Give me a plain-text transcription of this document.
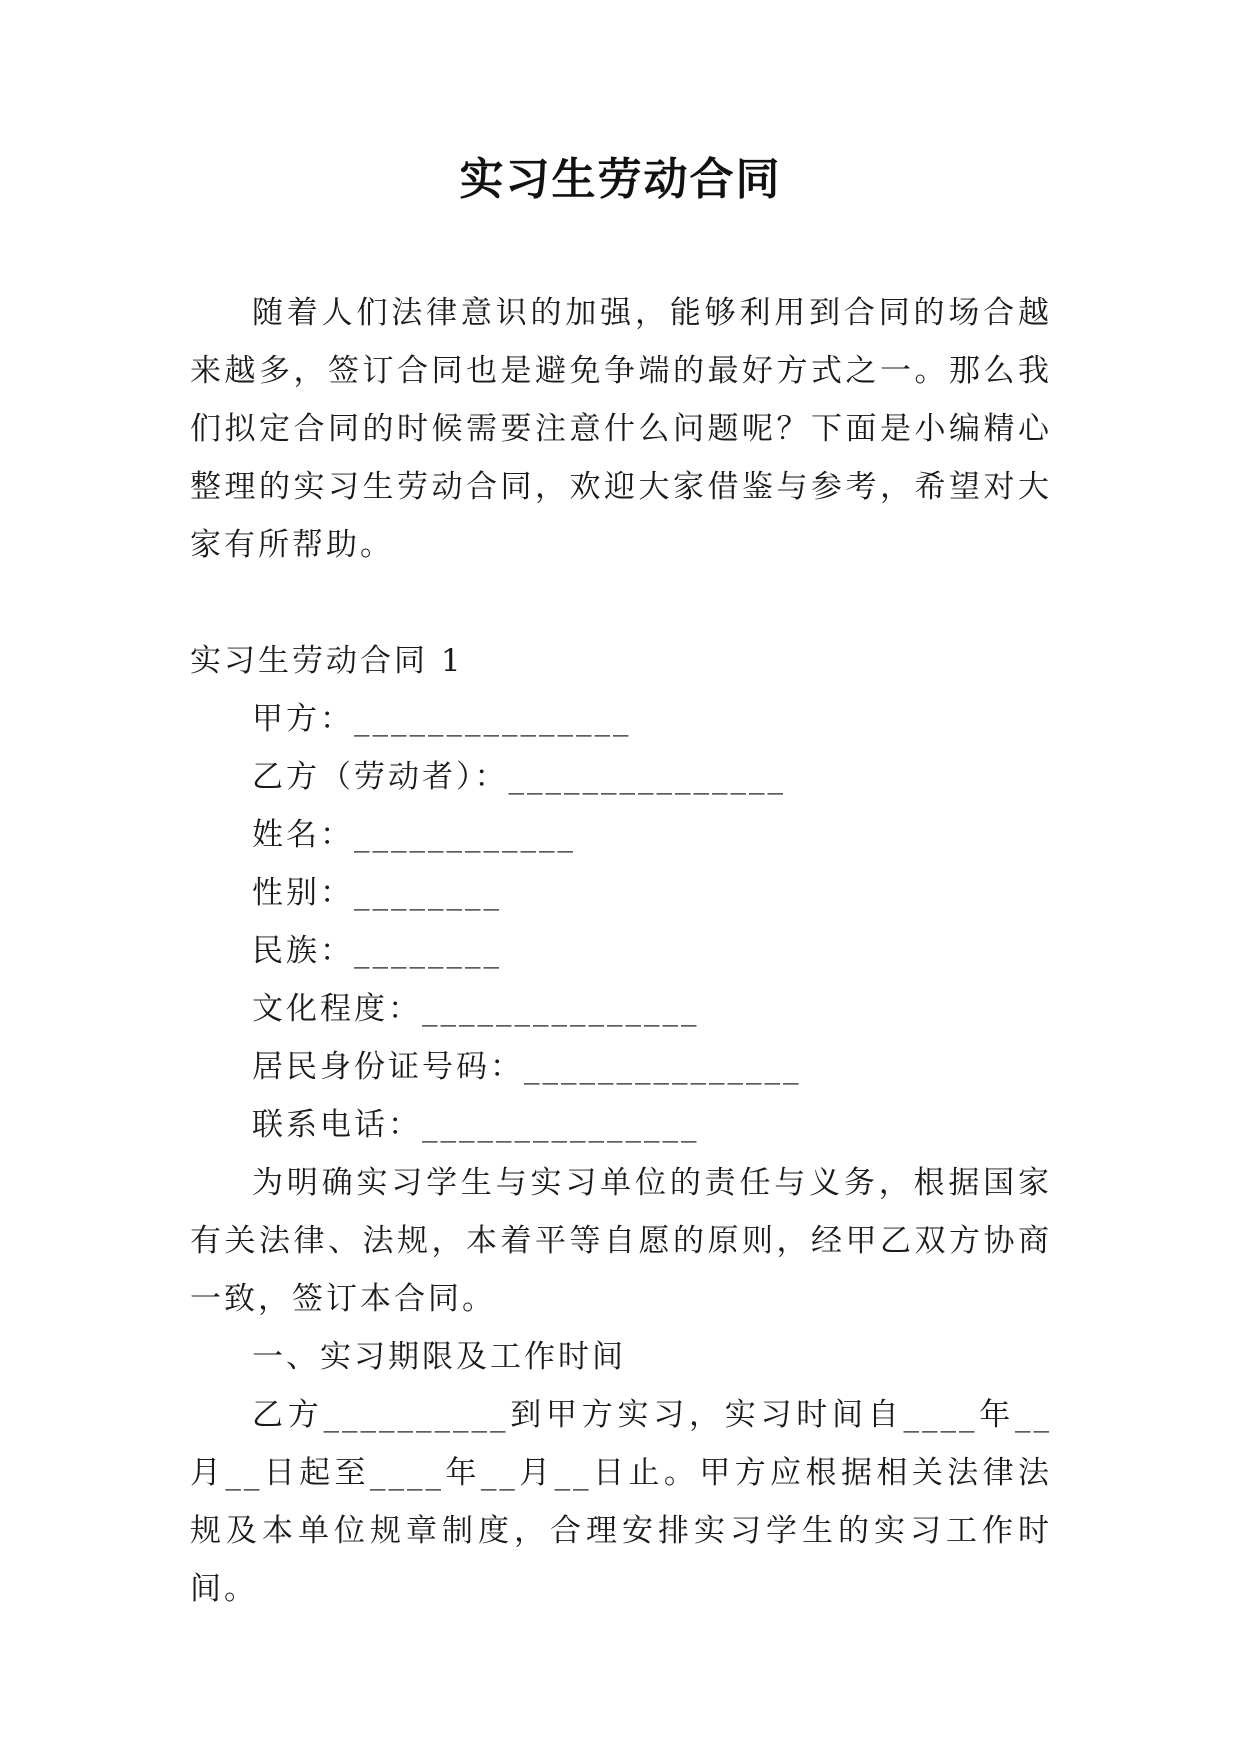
实习生劳动合同

随着人们法律意识的加强，能够利用到合同的场合越来越多，签订合同也是避免争端的最好方式之一。那么我们拟定合同的时候需要注意什么问题呢？下面是小编精心整理的实习生劳动合同，欢迎大家借鉴与参考，希望对大家有所帮助。

实习生劳动合同 1

甲方：_______________

乙方（劳动者）：_______________

姓名：____________

性别：________

民族：________

文化程度：_______________

居民身份证号码：_______________

联系电话：_______________

为明确实习学生与实习单位的责任与义务，根据国家有关法律、法规，本着平等自愿的原则，经甲乙双方协商一致，签订本合同。

一、实习期限及工作时间

乙方__________到甲方实习，实习时间自____年__月__日起至____年__月__日止。甲方应根据相关法律法规及本单位规章制度，合理安排实习学生的实习工作时间。
